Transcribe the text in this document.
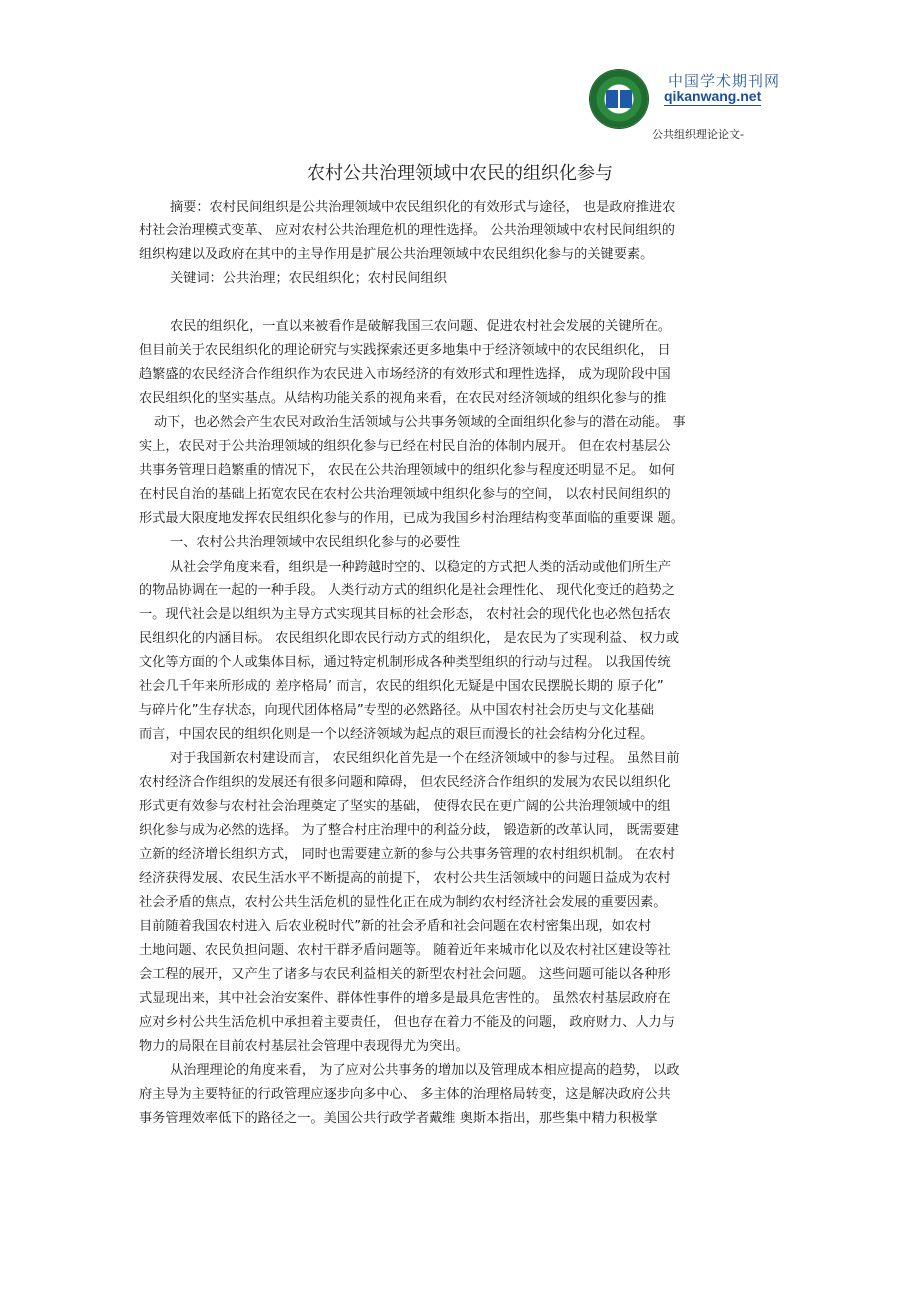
中国学术期刊网
qikanwang.net
公共组织理论论文-
农村公共治理领域中农民的组织化参与
摘要：农村民间组织是公共治理领域中农民组织化的有效形式与途径， 也是政府推进农
村社会治理模式变革、 应对农村公共治理危机的理性选择。 公共治理领域中农村民间组织的
组织构建以及政府在其中的主导作用是扩展公共治理领域中农民组织化参与的关键要素。
关键词：公共治理；农民组织化；农村民间组织
农民的组织化，一直以来被看作是破解我国三农问题、促进农村社会发展的关键所在。
但目前关于农民组织化的理论研究与实践探索还更多地集中于经济领域中的农民组织化， 日
趋繁盛的农民经济合作组织作为农民进入市场经济的有效形式和理性选择， 成为现阶段中国
农民组织化的坚实基点。从结构功能关系的视角来看，在农民对经济领域的组织化参与的推
动下，也必然会产生农民对政治生活领域与公共事务领域的全面组织化参与的潜在动能。 事
实上，农民对于公共治理领域的组织化参与已经在村民自治的体制内展开。 但在农村基层公
共事务管理日趋繁重的情况下， 农民在公共治理领域中的组织化参与程度还明显不足。 如何
在村民自治的基础上拓宽农民在农村公共治理领域中组织化参与的空间， 以农村民间组织的
形式最大限度地发挥农民组织化参与的作用，已成为我国乡村治理结构变革面临的重要课 题。
一、农村公共治理领域中农民组织化参与的必要性
从社会学角度来看，组织是一种跨越时空的、以稳定的方式把人类的活动或他们所生产
的物品协调在一起的一种手段。 人类行动方式的组织化是社会理性化、 现代化变迁的趋势之
一。现代社会是以组织为主导方式实现其目标的社会形态， 农村社会的现代化也必然包括农
民组织化的内涵目标。 农民组织化即农民行动方式的组织化， 是农民为了实现利益、 权力或
文化等方面的个人或集体目标，通过特定机制形成各种类型组织的行动与过程。 以我国传统
社会几千年来所形成的 差序格局’ 而言，农民的组织化无疑是中国农民摆脱长期的 原子化”
与碎片化”生存状态，向现代团体格局”专型的必然路径。从中国农村社会历史与文化基础
而言，中国农民的组织化则是一个以经济领域为起点的艰巨而漫长的社会结构分化过程。
对于我国新农村建设而言， 农民组织化首先是一个在经济领域中的参与过程。 虽然目前
农村经济合作组织的发展还有很多问题和障碍， 但农民经济合作组织的发展为农民以组织化
形式更有效参与农村社会治理奠定了坚实的基础， 使得农民在更广阔的公共治理领域中的组
织化参与成为必然的选择。 为了整合村庄治理中的利益分歧， 锻造新的改革认同， 既需要建
立新的经济增长组织方式， 同时也需要建立新的参与公共事务管理的农村组织机制。 在农村
经济获得发展、农民生活水平不断提高的前提下， 农村公共生活领域中的问题日益成为农村
社会矛盾的焦点，农村公共生活危机的显性化正在成为制约农村经济社会发展的重要因素。
目前随着我国农村进入 后农业税时代”新的社会矛盾和社会问题在农村密集出现，如农村
土地问题、农民负担问题、农村干群矛盾问题等。 随着近年来城市化以及农村社区建设等社
会工程的展开，又产生了诸多与农民利益相关的新型农村社会问题。 这些问题可能以各种形
式显现出来，其中社会治安案件、群体性事件的增多是最具危害性的。 虽然农村基层政府在
应对乡村公共生活危机中承担着主要责任， 但也存在着力不能及的问题， 政府财力、人力与
物力的局限在目前农村基层社会管理中表现得尤为突出。
从治理理论的角度来看， 为了应对公共事务的增加以及管理成本相应提高的趋势， 以政
府主导为主要特征的行政管理应逐步向多中心、 多主体的治理格局转变，这是解决政府公共
事务管理效率低下的路径之一。美国公共行政学者戴维 奥斯本指出，那些集中精力积极掌
